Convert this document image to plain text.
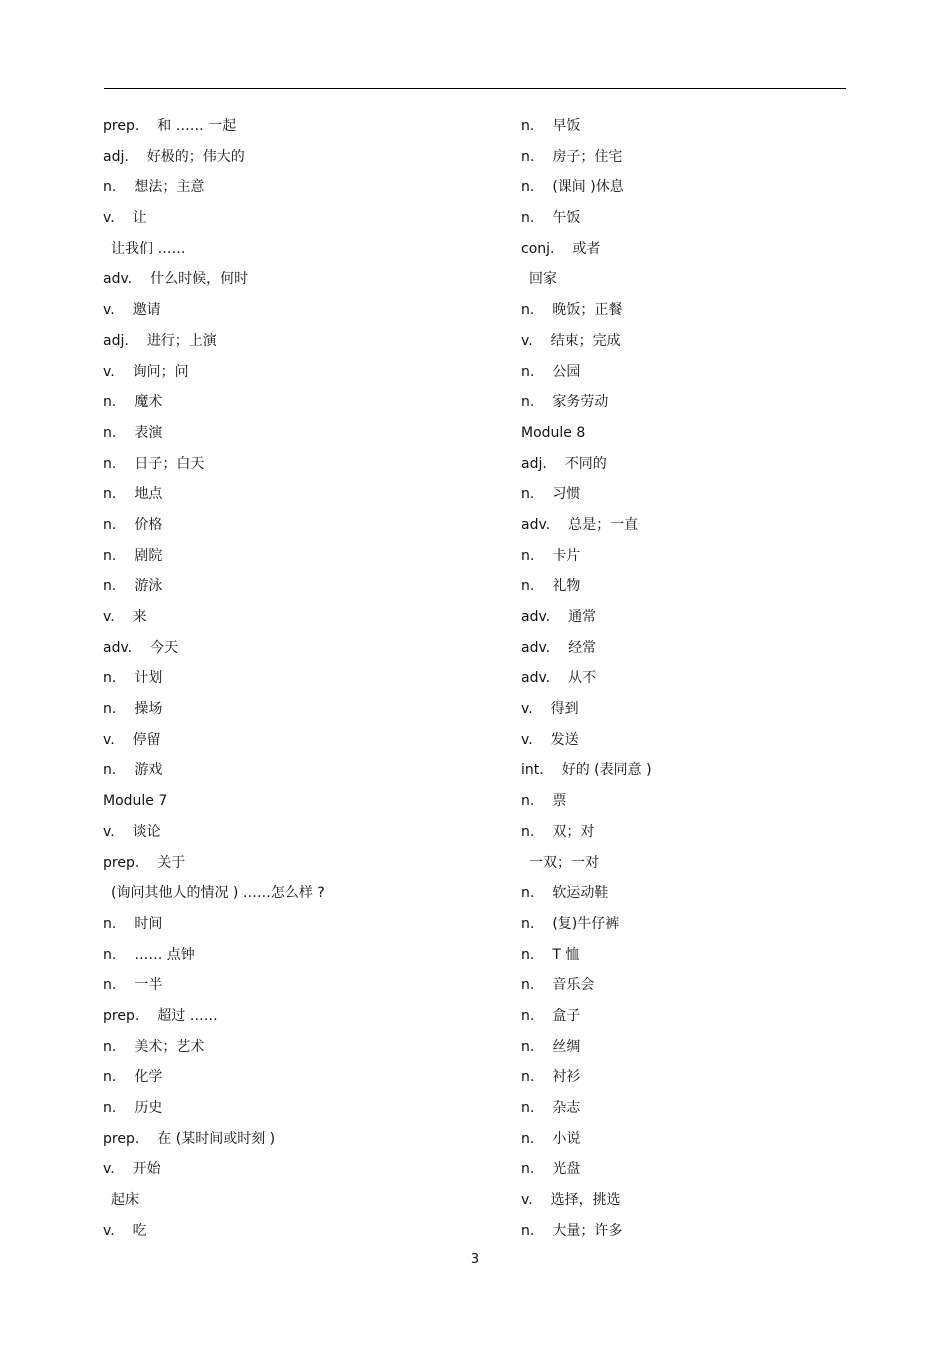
prep. 和 …… 一起
adj. 好极的；伟大的
n. 想法；主意
v. 让
让我们 ……
adv. 什么时候，何时
v. 邀请
adj. 进行；上演
v. 询问；问
n. 魔术
n. 表演
n. 日子；白天
n. 地点
n. 价格
n. 剧院
n. 游泳
v. 来
adv. 今天
n. 计划
n. 操场
v. 停留
n. 游戏
Module 7
v. 谈论
prep. 关于
(询问其他人的情况 ) ……怎么样 ?
n. 时间
n. …… 点钟
n. 一半
prep. 超过 ……
n. 美术；艺术
n. 化学
n. 历史
prep. 在 (某时间或时刻 )
v. 开始
起床
v. 吃
n. 早饭
n. 房子；住宅
n. (课间 )休息
n. 午饭
conj. 或者
回家
n. 晚饭；正餐
v. 结束；完成
n. 公园
n. 家务劳动
Module 8
adj. 不同的
n. 习惯
adv. 总是；一直
n. 卡片
n. 礼物
adv. 通常
adv. 经常
adv. 从不
v. 得到
v. 发送
int. 好的 (表同意 )
n. 票
n. 双；对
一双；一对
n. 软运动鞋
n. (复)牛仔裤
n. T 恤
n. 音乐会
n. 盒子
n. 丝绸
n. 衬衫
n. 杂志
n. 小说
n. 光盘
v. 选择，挑选
n. 大量；许多
3
